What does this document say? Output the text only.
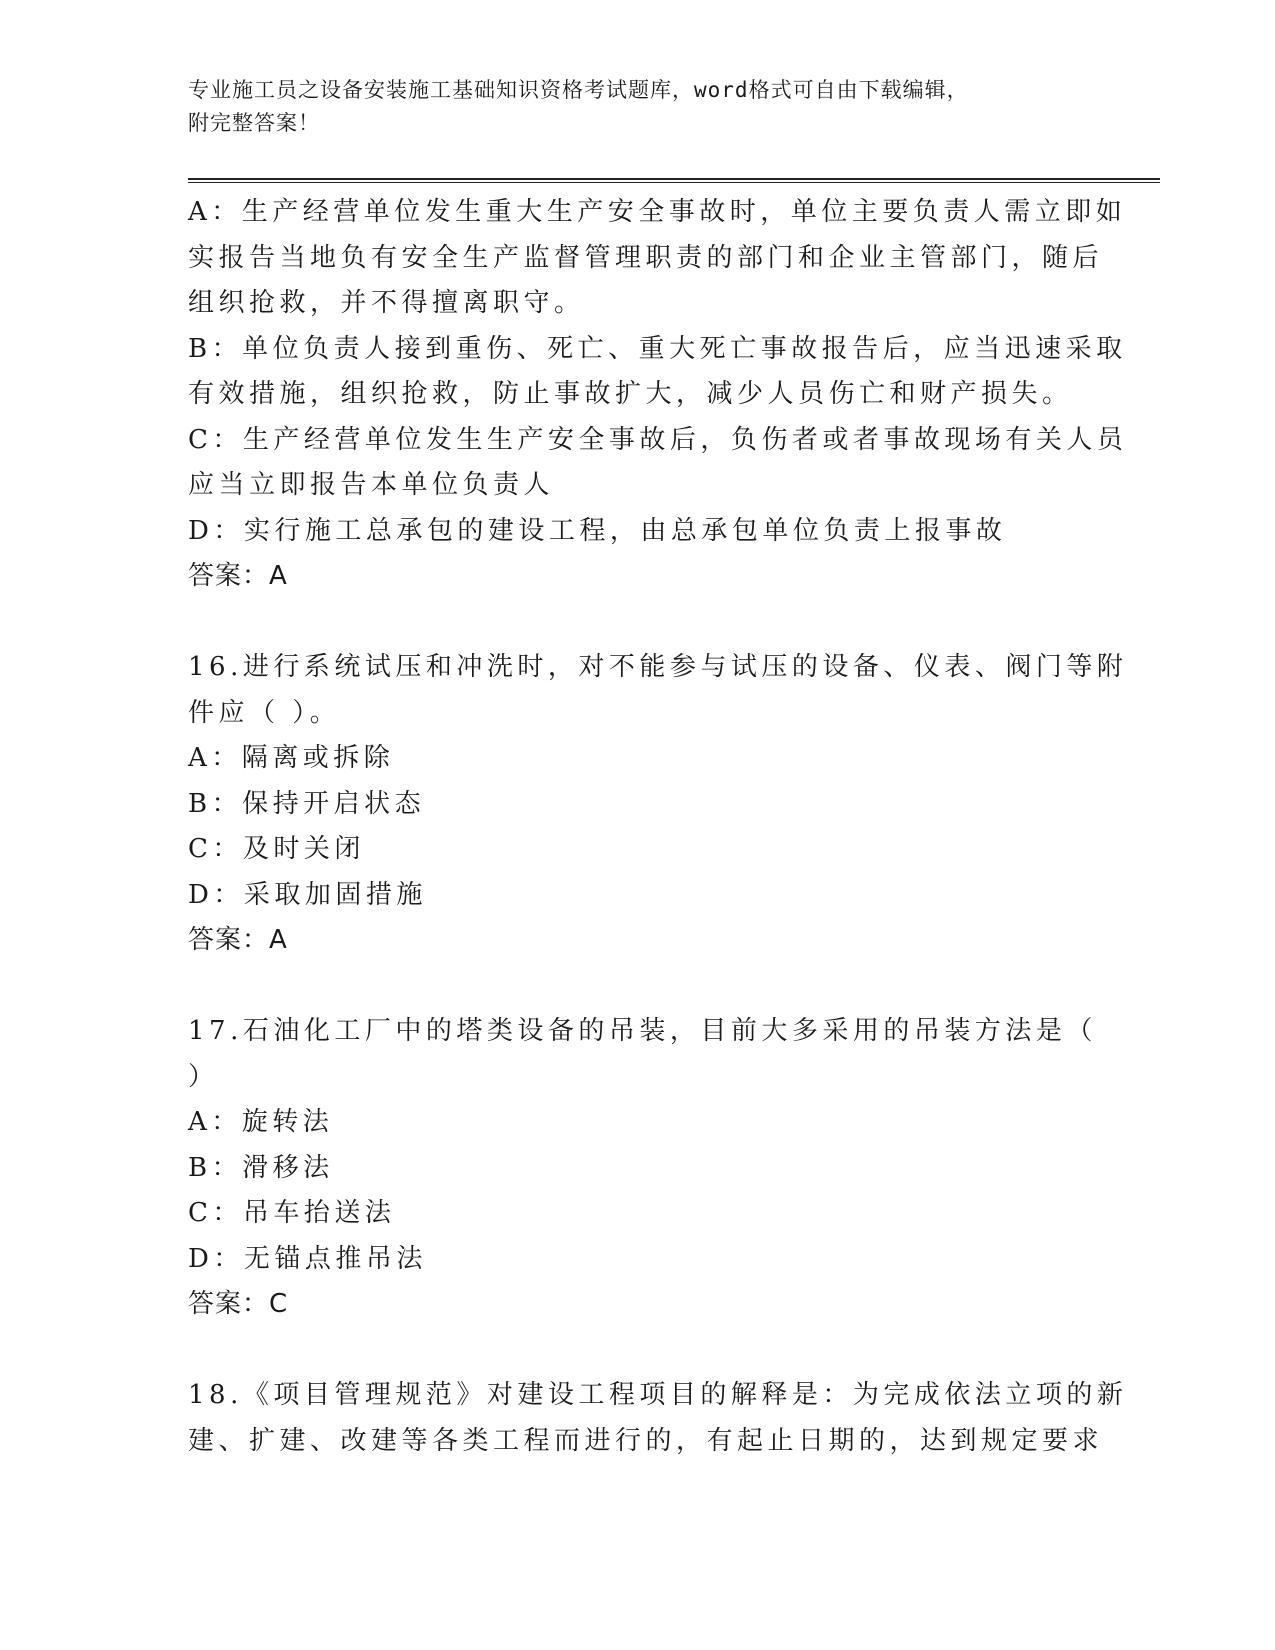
专业施工员之设备安装施工基础知识资格考试题库，word格式可自由下载编辑，
附完整答案！
A：生产经营单位发生重大生产安全事故时，单位主要负责人需立即如
实报告当地负有安全生产监督管理职责的部门和企业主管部门，随后
组织抢救，并不得擅离职守。
B：单位负责人接到重伤、死亡、重大死亡事故报告后，应当迅速采取
有效措施，组织抢救，防止事故扩大，减少人员伤亡和财产损失。
C：生产经营单位发生生产安全事故后，负伤者或者事故现场有关人员
应当立即报告本单位负责人
D：实行施工总承包的建设工程，由总承包单位负责上报事故
答案：A
16.进行系统试压和冲洗时，对不能参与试压的设备、仪表、阀门等附
件应（ ）。
A：隔离或拆除
B：保持开启状态
C：及时关闭
D：采取加固措施
答案：A
17.石油化工厂中的塔类设备的吊装，目前大多采用的吊装方法是（
）
A：旋转法
B：滑移法
C：吊车抬送法
D：无锚点推吊法
答案：C
18.《项目管理规范》对建设工程项目的解释是：为完成依法立项的新
建、扩建、改建等各类工程而进行的，有起止日期的，达到规定要求
